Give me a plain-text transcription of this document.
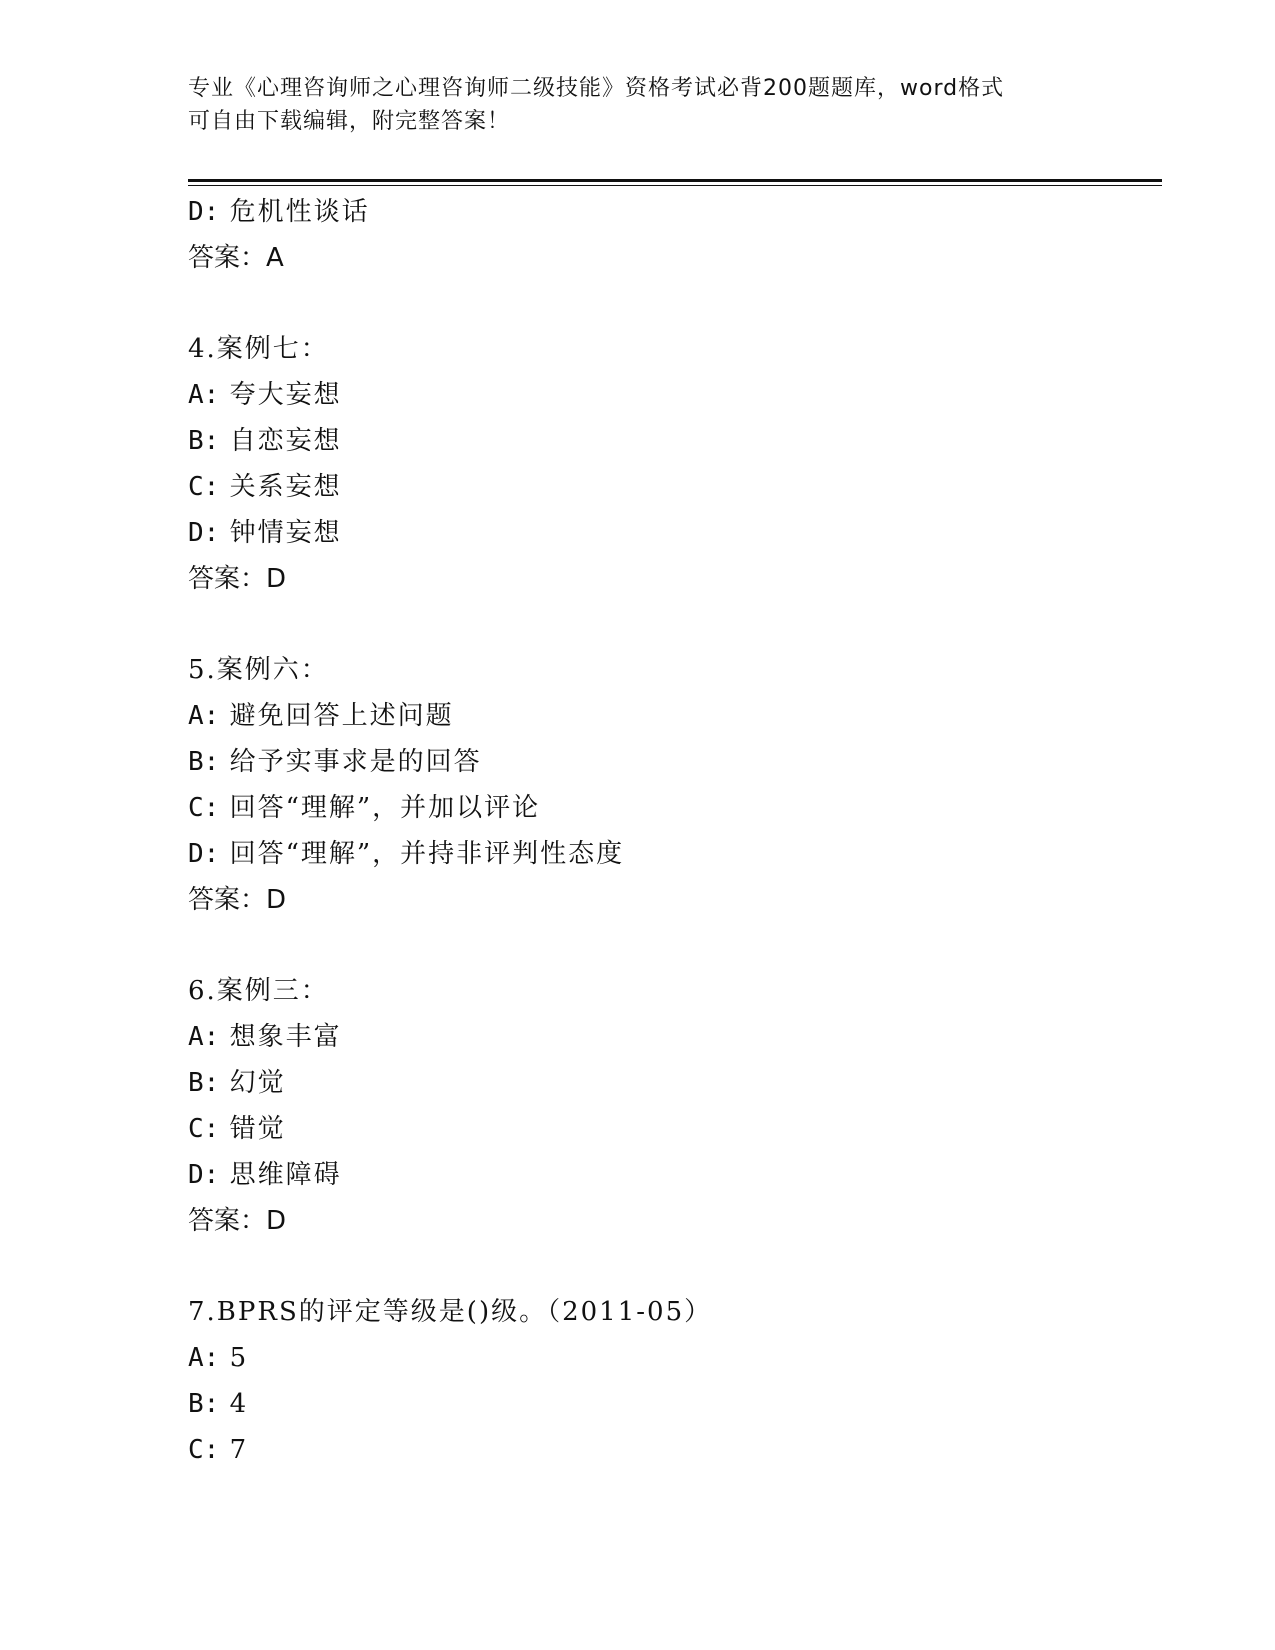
专业《心理咨询师之心理咨询师二级技能》资格考试必背200题题库，word格式
可自由下载编辑，附完整答案！
D: 危机性谈话
答案：A
4.案例七：
A: 夸大妄想
B: 自恋妄想
C: 关系妄想
D: 钟情妄想
答案：D
5.案例六：
A: 避免回答上述问题
B: 给予实事求是的回答
C: 回答“理解”，并加以评论
D: 回答“理解”，并持非评判性态度
答案：D
6.案例三：
A: 想象丰富
B: 幻觉
C: 错觉
D: 思维障碍
答案：D
7.BPRS的评定等级是()级。（2011-05）
A: 5
B: 4
C: 7
